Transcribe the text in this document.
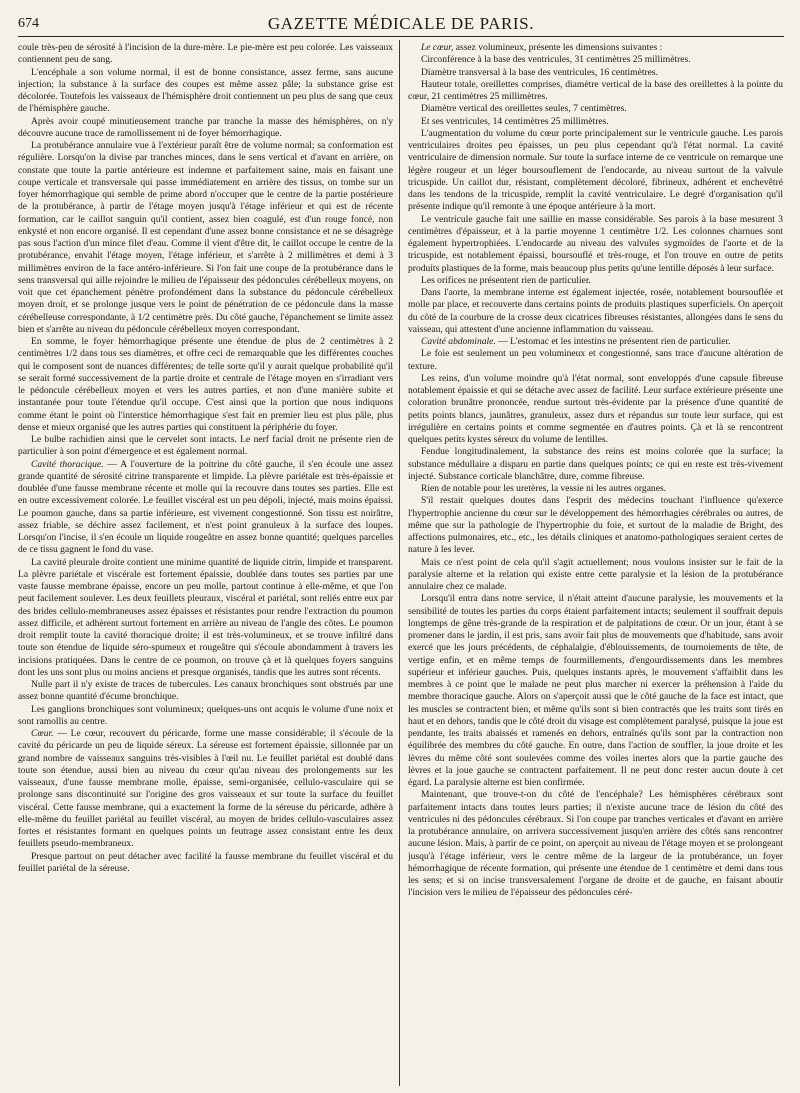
674	GAZETTE MÉDICALE DE PARIS.

coule très-peu de sérosité à l'incision de la dure-mère. Le pie-mère est peu colorée. Les vaisseaux contiennent peu de sang.

L'encéphale a son volume normal, il est de bonne consistance, assez ferme, sans aucune injection; la substance à la surface des coupes est même assez pâle; la substance grise est décolorée. Toutefois les vaisseaux de l'hémisphère droit contiennent un peu plus de sang que ceux de l'hémisphère gauche.

Après avoir coupé minutieusement tranche par tranche la masse des hémisphères, on n'y découvre aucune trace de ramollissement ni de foyer hémorrhagique.

La protubérance annulaire vue à l'extérieur paraît être de volume normal; sa conformation est régulière. Lorsqu'on la divise par tranches minces, dans le sens vertical et d'avant en arrière, on constate que toute la partie antérieure est indemne et parfaitement saine, mais en faisant une coupe verticale et transversale qui passe immédiatement en arrière des tissus, on tombe sur un foyer hémorrhagique qui semble de prime abord n'occuper que le centre de la partie postérieure de la protubérance, à partir de l'étage moyen jusqu'à l'étage inférieur et qui est de récente formation, car le caillot sanguin qu'il contient, assez bien coagulé, est d'un rouge foncé, non enkysté et non encore organisé. Il est cependant d'une assez bonne consistance et ne se désagrège pas sous l'action d'un mince filet d'eau. Comme il vient d'être dit, le caillot occupe le centre de la protubérance, envahit l'étage moyen, l'étage inférieur, et s'arrête à 2 millimètres et demi à 3 millimètres environ de la face antéro-inférieure. Si l'on fait une coupe de la protubérance dans le sens transversal qui aille rejoindre le milieu de l'épaisseur des pédoncules cérébelleux moyens, on voit que cet épanchement pénètre profondément dans la substance du pédoncule cérébelleux moyen droit, et se prolonge jusque vers le point de pénétration de ce pédoncule dans la masse cérébelleuse correspondante, à 1/2 centimètre près. Du côté gauche, l'épanchement se limite assez bien et s'arrête au niveau du pédoncule cérébelleux moyen correspondant.

En somme, le foyer hémorrhagique présente une étendue de plus de 2 centimètres à 2 centimètres 1/2 dans tous ses diamètres, et offre ceci de remarquable que les différentes couches qui le composent sont de nuances différentes; de telle sorte qu'il y aurait quelque probabilité qu'il se serait formé successivement de la partie droite et centrale de l'étage moyen en s'irradiant vers le pédoncule cérébelleux moyen et vers les autres parties, et non d'une manière subite et instantanée pour toute l'étendue qu'il occupe. C'est ainsi que la portion que nous indiquons comme étant le point où l'interstice hémorrhagique s'est fait en premier lieu est plus pâle, plus dense et mieux organisé que les autres parties qui constituent la périphérie du foyer.

Le bulbe rachidien ainsi que le cervelet sont intacts. Le nerf facial droit ne présente rien de particulier à son point d'émergence et est également normal.

Cavité thoracique. — A l'ouverture de la poitrine du côté gauche, il s'en écoule une assez grande quantité de sérosité citrine transparente et limpide. La plèvre pariétale est très-épaissie et doublée d'une fausse membrane récente et molle qui la recouvre dans toutes ses parties. Elle est en outre excessivement colorée. Le feuillet viscéral est un peu dépoli, injecté, mais moins épaissi. Le poumon gauche, dans sa partie inférieure, est vivement congestionné. Son tissu est noirâtre, assez friable, se déchire assez facilement, et n'est point granuleux à la surface des loupes. Lorsqu'on l'incise, il s'en écoule un liquide rougeâtre en assez bonne quantité; quelques parcelles de ce tissu gagnent le fond du vase.

La cavité pleurale droite contient une minime quantité de liquide citrin, limpide et transparent. La plèvre pariétale et viscérale est fortement épaissie, doublée dans toutes ses parties par une vaste fausse membrane épaisse, encore un peu molle, partout continue à elle-même, et que l'on peut facilement soulever. Les deux feuillets pleuraux, viscéral et pariétal, sont reliés entre eux par des brides cellulo-membraneuses assez épaisses et résistantes pour rendre l'extraction du poumon assez difficile, et adhèrent surtout fortement en arrière au niveau de l'angle des côtes. Le poumon droit remplit toute la cavité thoracique droite; il est très-volumineux, et se trouve infiltré dans toute son étendue de liquide séro-spumeux et rougeâtre qui s'écoule abondamment à travers les incisions pratiquées. Dans le centre de ce poumon, on trouve çà et là quelques foyers sanguins dont les uns sont plus ou moins anciens et presque organisés, tandis que les autres sont récents.

Nulle part il n'y existe de traces de tubercules. Les canaux bronchiques sont obstrués par une assez bonne quantité d'écume bronchique.

Les ganglions bronchiques sont volumineux; quelques-uns ont acquis le volume d'une noix et sont ramollis au centre.

Cœur. — Le cœur, recouvert du péricarde, forme une masse considérable; il s'écoule de la cavité du péricarde un peu de liquide séreux. La séreuse est fortement épaissie, sillonnée par un grand nombre de vaisseaux sanguins très-visibles à l'œil nu. Le feuillet pariétal est doublé dans toute son étendue, aussi bien au niveau du cœur qu'au niveau des prolongements sur les vaisseaux, d'une fausse membrane molle, épaisse, semi-organisée, cellulo-vasculaire qui se prolonge sans discontinuité sur l'origine des gros vaisseaux et sur toute la surface du feuillet viscéral. Cette fausse membrane, qui a exactement la forme de la séreuse du péricarde, adhère à elle-même du feuillet pariétal au feuillet viscéral, au moyen de brides cellulo-vasculaires assez fortes et résistantes formant en quelques points un feutrage assez consistant entre les deux feuillets pseudo-membraneux.

Presque partout on peut détacher avec facilité la fausse membrane du feuillet viscéral et du feuillet pariétal de la séreuse.

Le cœur, assez volumineux, présente les dimensions suivantes :

Circonférence à la base des ventricules, 31 centimètres 25 millimètres.

Diamètre transversal à la base des ventricules, 16 centimètres.

Hauteur totale, oreillettes comprises, diamètre vertical de la base des oreillettes à la pointe du cœur, 21 centimètres 25 millimètres.

Diamètre vertical des oreillettes seules, 7 centimètres.

Et ses ventricules, 14 centimètres 25 millimètres.

L'augmentation du volume du cœur porte principalement sur le ventricule gauche. Les parois ventriculaires droites peu épaisses, un peu plus cependant qu'à l'état normal. La cavité ventriculaire de dimension normale. Sur toute la surface interne de ce ventricule on remarque une légère rougeur et un léger boursouflement de l'endocarde, au niveau surtout de la valvule tricuspide. Un caillot dur, résistant, complètement décoloré, fibrineux, adhérent et enchevêtré dans les tendons de la tricuspide, remplit la cavité ventriculaire. Le degré d'organisation qu'il présente indique qu'il remonte à une époque antérieure à la mort.

Le ventricule gauche fait une saillie en masse considérable. Ses parois à la base mesurent 3 centimètres d'épaisseur, et à la partie moyenne 1 centimètre 1/2. Les colonnes charnues sont également hypertrophiées. L'endocarde au niveau des valvules sygmoïdes de l'aorte et de la tricuspide, est notablement épaissi, boursouflé et très-rouge, et l'on trouve en outre de petits produits plastiques de la forme, mais beaucoup plus petits qu'une lentille déposés à leur surface.

Les orifices ne présentent rien de particulier.

Dans l'aorte, la membrane interne est également injectée, rosée, notablement boursouflée et molle par place, et recouverte dans certains points de produits plastiques superficiels. On aperçoit du côté de la courbure de la crosse deux cicatrices fibreuses résistantes, allongées dans le sens du vaisseau, qui attestent d'une ancienne inflammation du vaisseau.

Cavité abdominale. — L'estomac et les intestins ne présentent rien de particulier.

Le foie est seulement un peu volumineux et congestionné, sans trace d'aucune altération de texture.

Les reins, d'un volume moindre qu'à l'état normal, sont enveloppés d'une capsule fibreuse notablement épaissie et qui se détache avec assez de facilité. Leur surface extérieure présente une coloration brunâtre prononcée, rendue surtout très-évidente par la présence d'une quantité de petits points blancs, jaunâtres, granuleux, assez durs et répandus sur toute leur surface, qui est irrégulière en certains points et comme segmentée en d'autres points. Çà et là se rencontrent quelques petits kystes séreux du volume de lentilles.

Fendue longitudinalement, la substance des reins est moins colorée que la surface; la substance médullaire a disparu en partie dans quelques points; ce qui en reste est très-vivement injecté. Substance corticale blanchâtre, dure, comme fibreuse.

Rien de notable pour les uretères, la vessie ni les autres organes.

S'il restait quelques doutes dans l'esprit des médecins touchant l'influence qu'exerce l'hypertrophie ancienne du cœur sur le développement des hémorrhagies cérébrales ou autres, de même que sur la pathologie de l'hypertrophie du foie, et surtout de la maladie de Bright, des affections pulmonaires, etc., etc., les détails cliniques et anatomo-pathologiques seraient certes de nature à les lever.

Mais ce n'est point de cela qu'il s'agit actuellement; nous voulons insister sur le fait de la paralysie alterne et la relation qui existe entre cette paralysie et la lésion de la protubérance annulaire chez ce malade.

Lorsqu'il entra dans notre service, il n'était atteint d'aucune paralysie, les mouvements et la sensibilité de toutes les parties du corps étaient parfaitement intacts; seulement il souffrait depuis longtemps de gêne très-grande de la respiration et de palpitations de cœur. Or un jour, étant à se promener dans le jardin, il est pris, sans avoir fait plus de mouvements que d'habitude, sans avoir exercé que les jours précédents, de céphalalgie, d'éblouissements, de tournoiements de tête, de vertige enfin, et en même temps de fourmillements, d'engourdissements dans les membres supérieur et inférieur gauches. Puis, quelques instants après, le mouvement s'affaiblit dans les membres à ce point que le malade ne peut plus marcher ni exercer la préhension à l'aide du membre thoracique gauche. Alors on s'aperçoit aussi que le côté gauche de la face est intact, que les muscles se contractent bien, et même qu'ils sont si bien contractés que les traits sont tirés en haut et en dehors, tandis que le côté droit du visage est complètement paralysé, puisque la joue est pendante, les traits abaissés et ramenés en dehors, entraînés qu'ils sont par la contraction non équilibrée des membres du côté gauche. En outre, dans l'action de souffler, la joue droite et les lèvres du même côté sont soulevées comme des voiles inertes alors que la partie gauche des lèvres et la joue gauche se contractent parfaitement. Il ne peut donc rester aucun doute à cet égard. La paralysie alterne est bien confirmée.

Maintenant, que trouve-t-on du côté de l'encéphale? Les hémisphères cérébraux sont parfaitement intacts dans toutes leurs parties; il n'existe aucune trace de lésion du côté des ventricules ni des pédoncules cérébraux. Si l'on coupe par tranches verticales et d'avant en arrière la protubérance annulaire, on arrivera successivement jusqu'en arrière des côtés sans rencontrer aucune lésion. Mais, à partir de ce point, on aperçoit au niveau de l'étage moyen et se prolongeant jusqu'à l'étage inférieur, vers le centre même de la largeur de la protubérance, un foyer hémorrhagique de récente formation, qui présente une étendue de 1 centimètre et demi dans tous les sens; et si on incise transversalement l'organe de droite et de gauche, en faisant aboutir l'incision vers le milieu de l'épaisseur des pédoncules céré-
